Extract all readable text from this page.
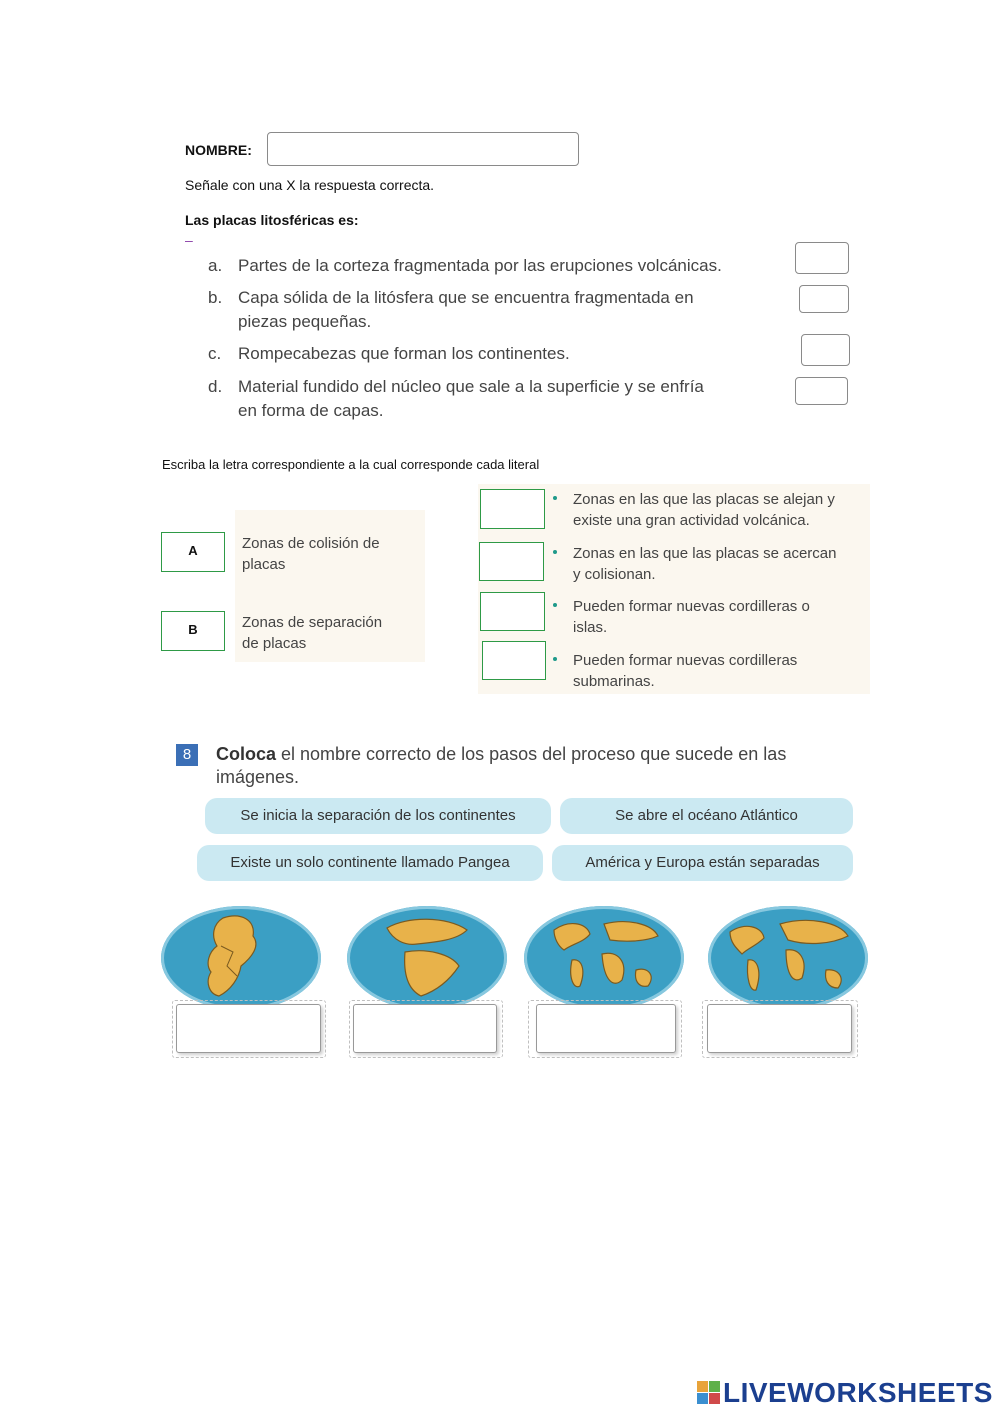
NOMBRE:
Señale con una X la respuesta correcta.
Las placas litosféricas es:
–
a. Partes de la corteza fragmentada por las erupciones volcánicas.
b. Capa sólida de la litósfera que se encuentra fragmentada en
piezas pequeñas.
c. Rompecabezas que forman los continentes.
d. Material fundido del núcleo que sale a la superficie y se enfría
en forma de capas.
Escriba la letra correspondiente a la cual corresponde cada literal
A	Zonas de colisión de
placas
B	Zonas de separación
de placas
Zonas en las que las placas se alejan y
existe una gran actividad volcánica.
Zonas en las que las placas se acercan
y colisionan.
Pueden formar nuevas cordilleras o
islas.
Pueden formar nuevas cordilleras
submarinas.
8	Coloca el nombre correcto de los pasos del proceso que sucede en las
imágenes.
Se inicia la separación de los continentes	Se abre el océano Atlántico
Existe un solo continente llamado Pangea	América y Europa están separadas
LIVEWORKSHEETS
